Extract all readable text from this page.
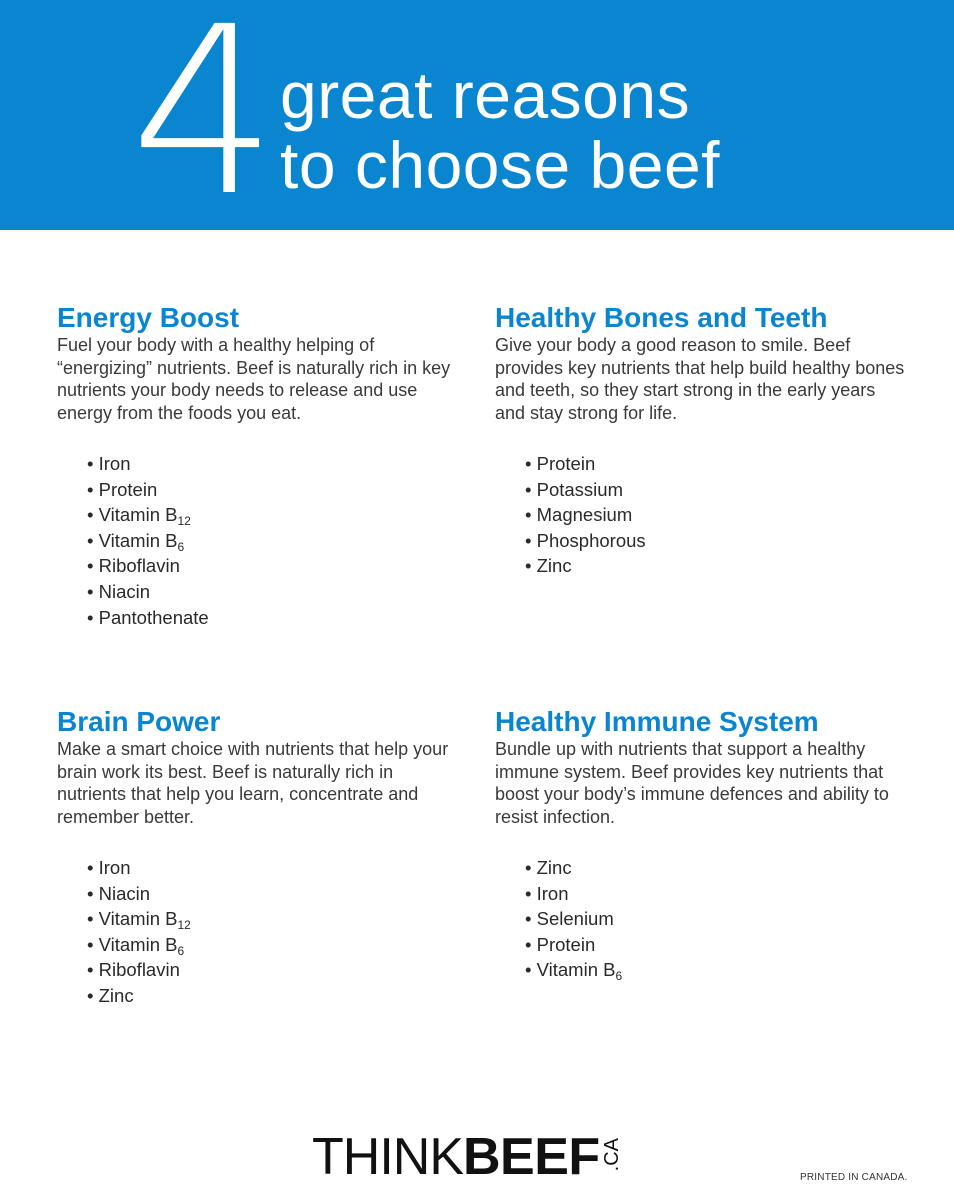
4 great reasons
to choose beef
Energy Boost

Fuel your body with a healthy helping of “energizing” nutrients. Beef is naturally rich in key nutrients your body needs to release and use energy from the foods you eat.

• Iron
• Protein
• Vitamin $B_{12}$
• Vitamin $B_6$
• Riboflavin
• Niacin
• Pantothenate
Healthy Bones and Teeth

Give your body a good reason to smile. Beef provides key nutrients that help build healthy bones and teeth, so they start strong in the early years and stay strong for life.

• Protein
• Potassium
• Magnesium
• Phosphorous
• Zinc
Brain Power

Make a smart choice with nutrients that help your brain work its best. Beef is naturally rich in nutrients that help you learn, concentrate and remember better.

• Iron
• Niacin
• Vitamin $B_{12}$
• Vitamin $B_6$
• Riboflavin
• Zinc
Healthy Immune System

Bundle up with nutrients that support a healthy immune system. Beef provides key nutrients that boost your body’s immune defences and ability to resist infection.

• Zinc
• Iron
• Selenium
• Protein
• Vitamin $B_6$
THINK BEEF .CA
PRINTED IN CANADA.
